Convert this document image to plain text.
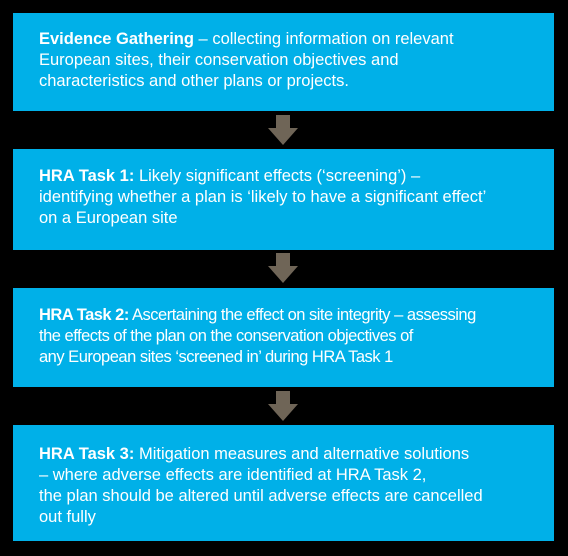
Evidence Gathering – collecting information on relevant
European sites, their conservation objectives and
characteristics and other plans or projects.
HRA Task 1: Likely significant effects (‘screening’) –
identifying whether a plan is ‘likely to have a significant effect’
on a European site
HRA Task 2: Ascertaining the effect on site integrity – assessing
the effects of the plan on the conservation objectives of
any European sites ‘screened in’ during HRA Task 1
HRA Task 3: Mitigation measures and alternative solutions
– where adverse effects are identified at HRA Task 2,
the plan should be altered until adverse effects are cancelled
out fully
